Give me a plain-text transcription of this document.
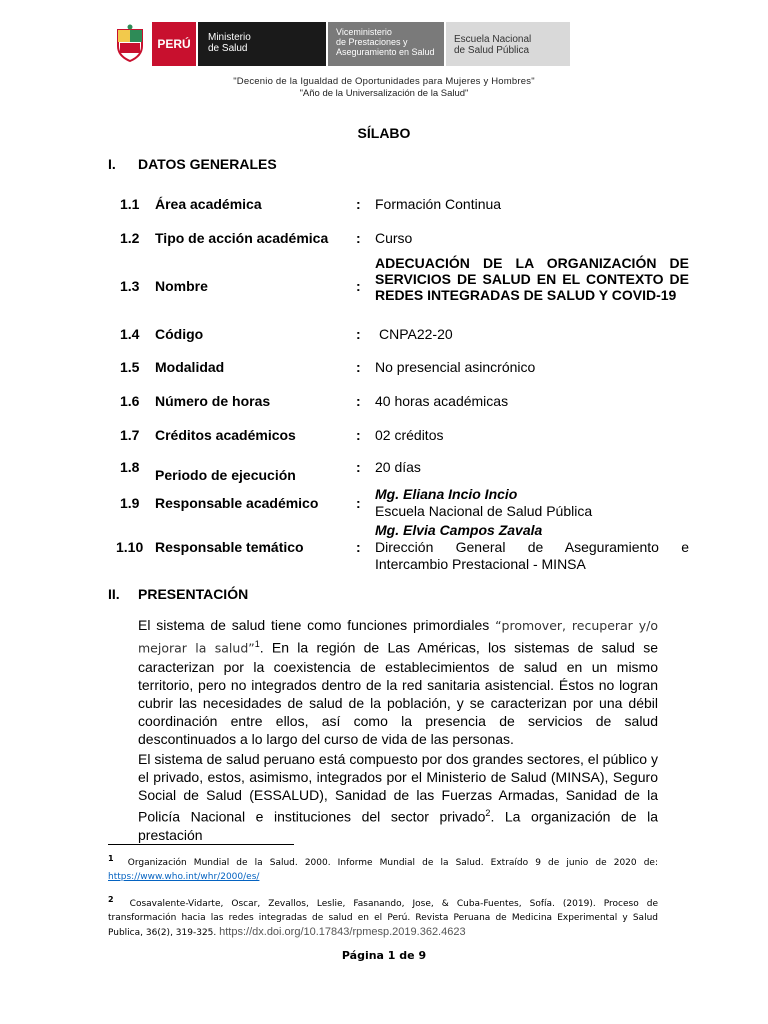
PERÚ	Ministerio
de Salud
Viceministerio
de Prestaciones y
Aseguramiento en Salud
Escuela Nacional
de Salud Pública
"Decenio de la Igualdad de Oportunidades para Mujeres y Hombres"
"Año de la Universalización de la Salud"
SÍLABO
I. DATOS GENERALES
1.1 Área académica	: Formación Continua
1.2 Tipo de acción académica : Curso
1.3 Nombre	:
ADECUACIÓN DE LA ORGANIZACIÓN DE SERVICIOS DE SALUD EN EL CONTEXTO DE REDES INTEGRADAS DE SALUD Y COVID-19
1.4 Código	: CNPA22-20
1.5 Modalidad	: No presencial asincrónico
1.6 Número de horas	: 40 horas académicas
1.7 Créditos académicos	: 02 créditos
1.8 Periodo de ejecución	: 20 días
1.9 Responsable académico	:
Mg. Eliana Incio Incio
Escuela Nacional de Salud Pública
1.10 Responsable temático	:
Mg. Elvia Campos Zavala
Dirección General de Aseguramiento e Intercambio Prestacional - MINSA
II. PRESENTACIÓN
El sistema de salud tiene como funciones primordiales “promover, recuperar y/o mejorar la salud”$^1$. En la región de Las Américas, los sistemas de salud se caracterizan por la coexistencia de establecimientos de salud en un mismo territorio, pero no integrados dentro de la red sanitaria asistencial. Éstos no logran cubrir las necesidades de salud de la población, y se caracterizan por una débil coordinación entre ellos, así como la presencia de servicios de salud descontinuados a lo largo del curso de vida de las personas.
El sistema de salud peruano está compuesto por dos grandes sectores, el público y el privado, estos, asimismo, integrados por el Ministerio de Salud (MINSA), Seguro Social de Salud (ESSALUD), Sanidad de las Fuerzas Armadas, Sanidad de la Policía Nacional e instituciones del sector privado$^2$. La organización de la prestación
$^1$ Organización Mundial de la Salud. 2000. Informe Mundial de la Salud. Extraído 9 de junio de 2020 de: https://www.who.int/whr/2000/es/
$^2$ Cosavalente-Vidarte, Oscar, Zevallos, Leslie, Fasanando, Jose, & Cuba-Fuentes, Sofía. (2019). Proceso de transformación hacia las redes integradas de salud en el Perú. Revista Peruana de Medicina Experimental y Salud Publica, 36(2), 319-325. https://dx.doi.org/10.17843/rpmesp.2019.362.4623
Página 1 de 9
